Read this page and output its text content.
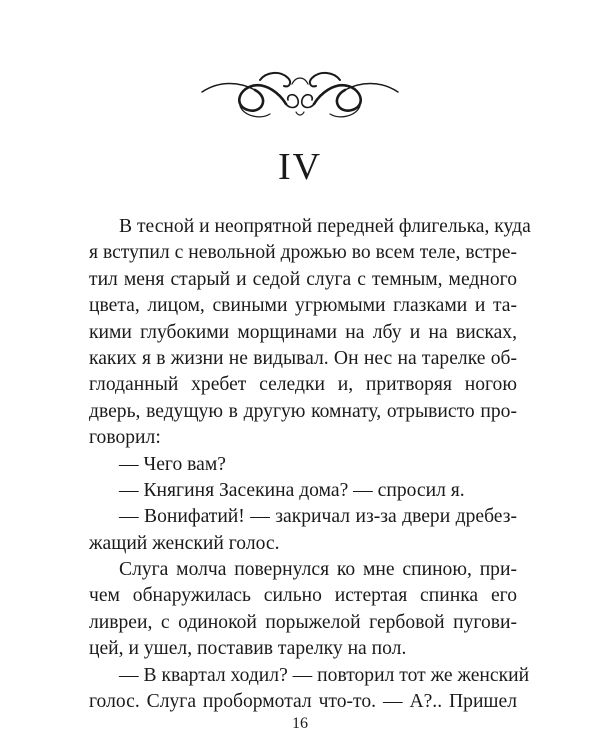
IV
В тесной и неопрятной передней флигелька, куда
я вступил с невольной дрожью во всем теле, встре-
тил меня старый и седой слуга с темным, медного
цвета, лицом, свиными угрюмыми глазками и та-
кими глубокими морщинами на лбу и на висках,
каких я в жизни не видывал. Он нес на тарелке об-
глоданный хребет селедки и, притворяя ногою
дверь, ведущую в другую комнату, отрывисто про-
говорил:
— Чего вам?
— Княгиня Засекина дома? — спросил я.
— Вонифатий! — закричал из-за двери дребез-
жащий женский голос.
Слуга молча повернулся ко мне спиною, при-
чем обнаружилась сильно истертая спинка его
ливреи, с одинокой порыжелой гербовой пугови-
цей, и ушел, поставив тарелку на пол.
— В квартал ходил? — повторил тот же женский
голос. Слуга пробормотал что-то. — А?.. Пришел
16
